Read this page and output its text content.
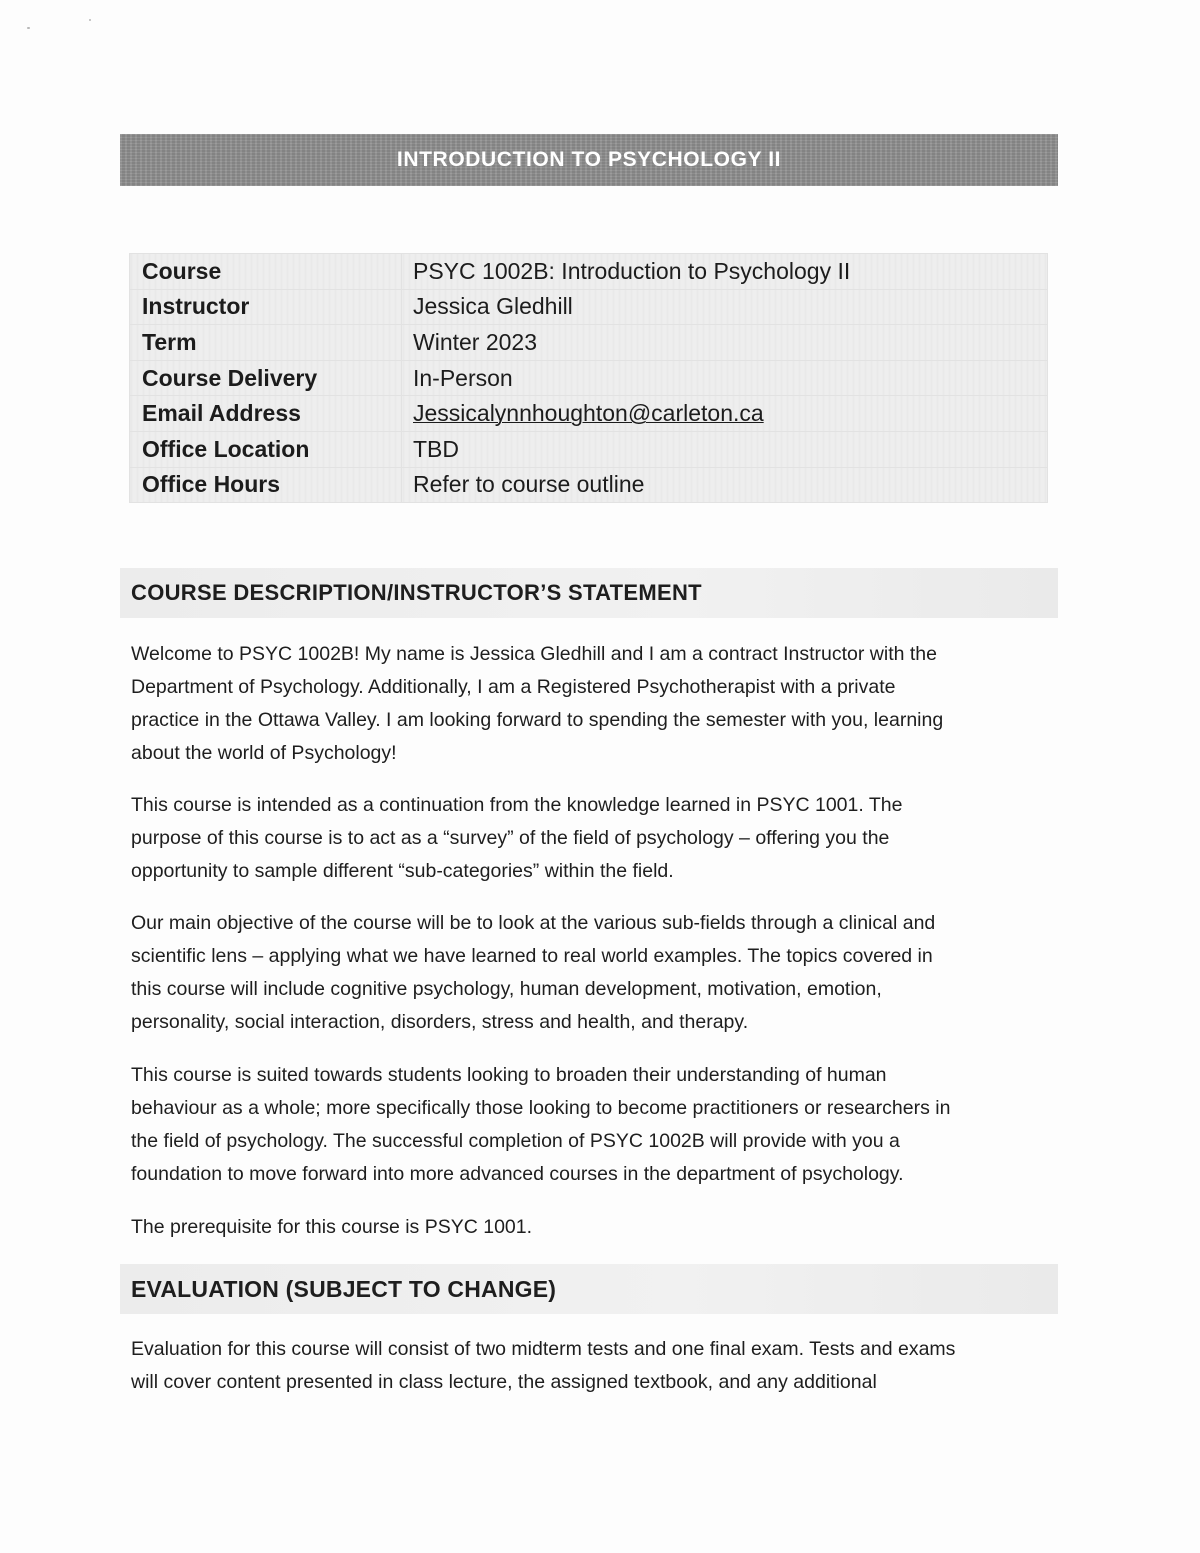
INTRODUCTION TO PSYCHOLOGY II
Course	PSYC 1002B: Introduction to Psychology II
Instructor	Jessica Gledhill
Term	Winter 2023
Course Delivery	In-Person
Email Address	Jessicalynnhoughton@carleton.ca
Office Location	TBD
Office Hours	Refer to course outline
COURSE DESCRIPTION/INSTRUCTOR’S STATEMENT

Welcome to PSYC 1002B! My name is Jessica Gledhill and I am a contract Instructor with the
Department of Psychology. Additionally, I am a Registered Psychotherapist with a private
practice in the Ottawa Valley. I am looking forward to spending the semester with you, learning
about the world of Psychology!

This course is intended as a continuation from the knowledge learned in PSYC 1001. The
purpose of this course is to act as a “survey” of the field of psychology – offering you the
opportunity to sample different “sub-categories” within the field.

Our main objective of the course will be to look at the various sub-fields through a clinical and
scientific lens – applying what we have learned to real world examples. The topics covered in
this course will include cognitive psychology, human development, motivation, emotion,
personality, social interaction, disorders, stress and health, and therapy.

This course is suited towards students looking to broaden their understanding of human
behaviour as a whole; more specifically those looking to become practitioners or researchers in
the field of psychology. The successful completion of PSYC 1002B will provide with you a
foundation to move forward into more advanced courses in the department of psychology.

The prerequisite for this course is PSYC 1001.

EVALUATION (SUBJECT TO CHANGE)

Evaluation for this course will consist of two midterm tests and one final exam. Tests and exams
will cover content presented in class lecture, the assigned textbook, and any additional
